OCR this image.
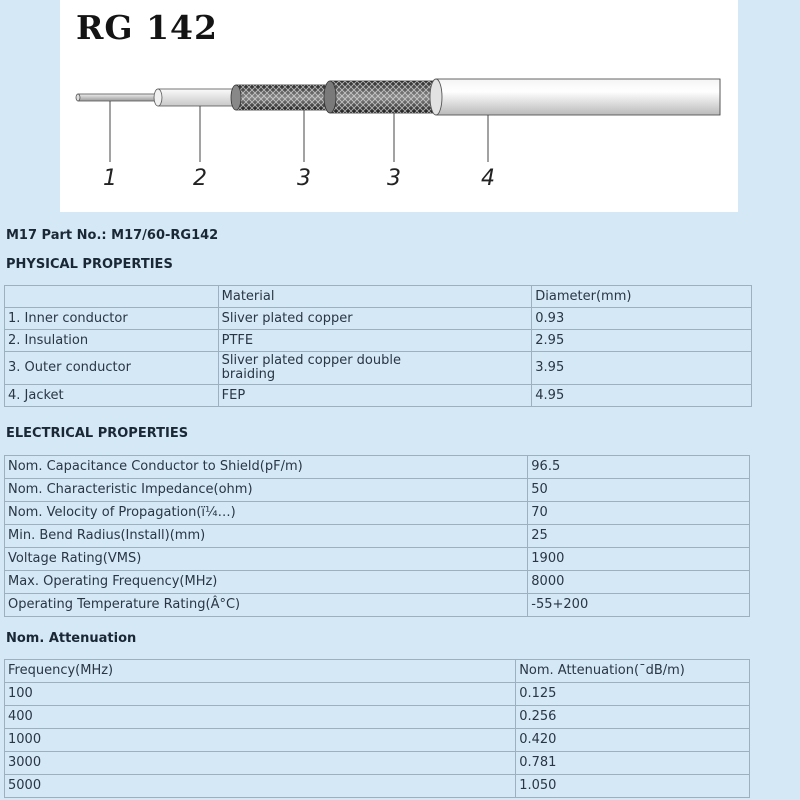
RG 142
1	2	3	3	4
M17 Part No.: M17/60-RG142
PHYSICAL PROPERTIES
	Material	Diameter(mm)
1. Inner conductor	Sliver plated copper	0.93
2. Insulation	PTFE	2.95
3. Outer conductor	Sliver plated copper double braiding	3.95
4. Jacket	FEP	4.95
ELECTRICAL PROPERTIES
Nom. Capacitance Conductor to Shield(pF/m)	96.5
Nom. Characteristic Impedance(ohm)	50
Nom. Velocity of Propagation(ï¼…)	70
Min. Bend Radius(Install)(mm)	25
Voltage Rating(VMS)	1900
Max. Operating Frequency(MHz)	8000
Operating Temperature Rating(Â°C)	-55+200
Nom. Attenuation
Frequency(MHz)	Nom. Attenuation(¯dB/m)
100	0.125
400	0.256
1000	0.420
3000	0.781
5000	1.050
